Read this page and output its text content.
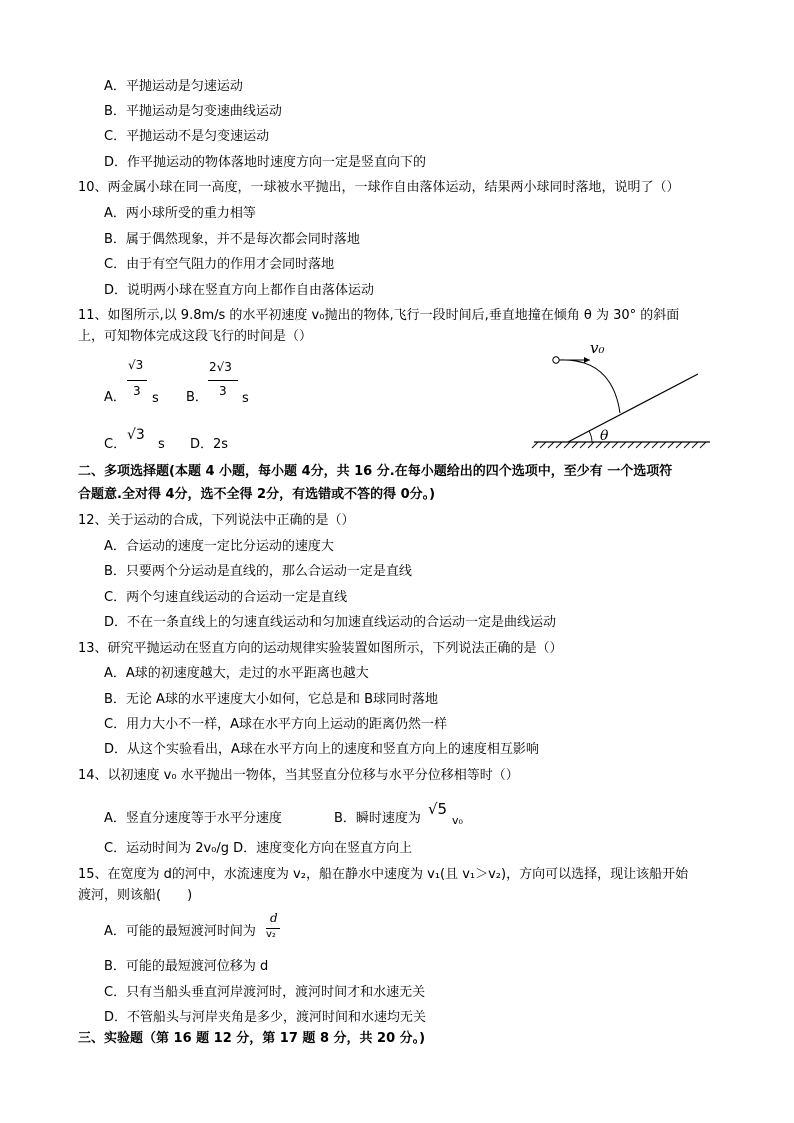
A．平抛运动是匀速运动
B．平抛运动是匀变速曲线运动
C．平抛运动不是匀变速运动
D．作平抛运动的物体落地时速度方向一定是竖直向下的
10、两金属小球在同一高度，一球被水平抛出，一球作自由落体运动，结果两小球同时落地，说明了（）
A．两小球所受的重力相等
B．属于偶然现象，并不是每次都会同时落地
C．由于有空气阻力的作用才会同时落地
D．说明两小球在竖直方向上都作自由落体运动
11、如图所示,以 9.8m/s 的水平初速度 v₀抛出的物体,飞行一段时间后,垂直地撞在倾角 θ 为 30° 的斜面
上，可知物体完成这段飞行的时间是（）
A．
√3
3 s B．
2√3
3 s
C．
√3
s D．2s
θ
v₀
二、多项选择题(本题 4 小题，每小题 4分，共 16 分.在每小题给出的四个选项中，至少有 一个选项符
合题意.全对得 4分，选不全得 2分，有选错或不答的得 0分。)
12、关于运动的合成，下列说法中正确的是（）
A．合运动的速度一定比分运动的速度大
B．只要两个分运动是直线的，那么合运动一定是直线
C．两个匀速直线运动的合运动一定是直线
D．不在一条直线上的匀速直线运动和匀加速直线运动的合运动一定是曲线运动
13、研究平抛运动在竖直方向的运动规律实验装置如图所示，下列说法正确的是（）
A．A球的初速度越大，走过的水平距离也越大
B．无论 A球的水平速度大小如何，它总是和 B球同时落地
C．用力大小不一样，A球在水平方向上运动的距离仍然一样
D．从这个实验看出，A球在水平方向上的速度和竖直方向上的速度相互影响
14、以初速度 v₀ 水平抛出一物体，当其竖直分位移与水平分位移相等时（）
A．竖直分速度等于水平分速度	B．瞬时速度为
√5
v₀
C．运动时间为 2v₀/g D．速度变化方向在竖直方向上
15、在宽度为 d的河中，水流速度为 v₂，船在静水中速度为 v₁(且 v₁＞v₂)，方向可以选择，现让该船开始
渡河，则该船(　　)
A．可能的最短渡河时间为
d
v₂
B．可能的最短渡河位移为 d
C．只有当船头垂直河岸渡河时，渡河时间才和水速无关
D．不管船头与河岸夹角是多少，渡河时间和水速均无关
三、实验题（第 16 题 12 分，第 17 题 8 分，共 20 分。)
